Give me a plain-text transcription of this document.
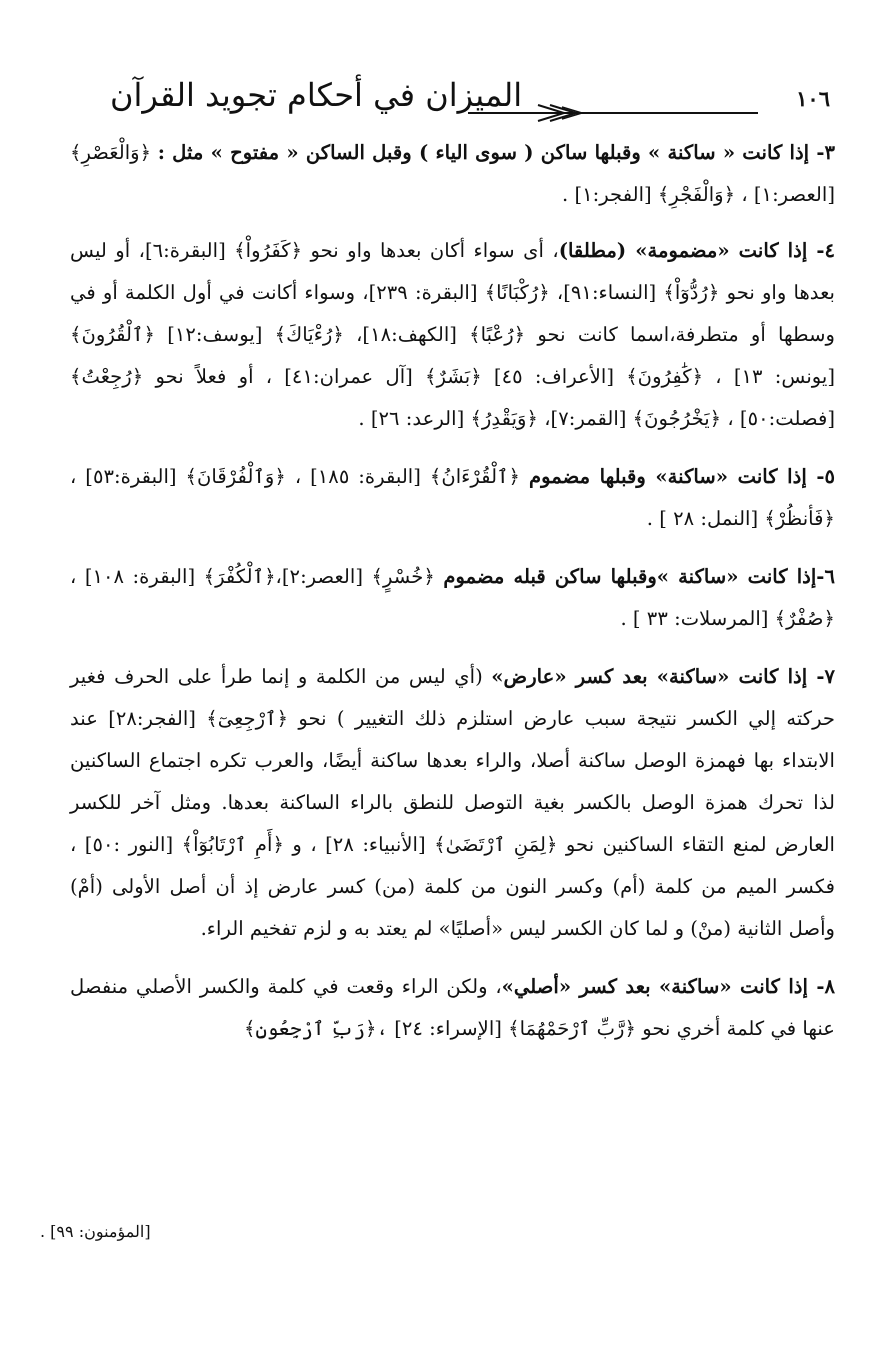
١٠٦
الميزان في أحكام تجويد القرآن

٣- إذا كانت « ساكنة » وقبلها ساكن ( سوى الياء ) وقبل الساكن « مفتوح » مثل : ﴿وَالْعَصْرِ﴾ [العصر:١] ، ﴿وَالْفَجْرِ﴾ [الفجر:١] .

٤- إذا كانت «مضمومة» (مطلقا)، أى سواء أكان بعدها واو نحو ﴿كَفَرُواْ﴾ [البقرة:٦]، أو ليس بعدها واو نحو ﴿رُدُّوٓاْ﴾ [النساء:٩١]، ﴿رُكْبَانًا﴾ [البقرة: ٢٣٩]، وسواء أكانت في أول الكلمة أو في وسطها أو متطرفة،اسما كانت نحو ﴿رُعْبًا﴾ [الكهف:١٨]، ﴿رُءْيَاكَ﴾ [يوسف:١٢] ﴿ٱلْقُرُونَ﴾ [يونس: ١٣] ، ﴿كَٰفِرُونَ﴾ [الأعراف: ٤٥] ﴿بَشَرٌ﴾ [آل عمران:٤١] ، أو فعلاً نحو ﴿رُجِعْتُ﴾ [فصلت:٥٠] ، ﴿يَخْرُجُونَ﴾ [القمر:٧]، ﴿وَيَقْدِرُ﴾ [الرعد: ٢٦] .

٥- إذا كانت «ساكنة» وقبلها مضموم ﴿ٱلْقُرْءَانُ﴾ [البقرة: ١٨٥] ، ﴿وَٱلْفُرْقَانَ﴾ [البقرة:٥٣] ، ﴿فَأنظُرْ﴾ [النمل: ٢٨ ] .

٦-إذا كانت «ساكنة »وقبلها ساكن قبله مضموم ﴿خُسْرٍ﴾ [العصر:٢]،﴿ٱلْكُفْرَ﴾ [البقرة: ١٠٨] ، ﴿صُفْرٌ﴾ [المرسلات: ٣٣ ] .

٧- إذا كانت «ساكنة» بعد كسر «عارض» (أي ليس من الكلمة و إنما طرأ على الحرف فغير حركته إلي الكسر نتيجة سبب عارض استلزم ذلك التغيير ) نحو ﴿ٱرْجِعِىٓ﴾ [الفجر:٢٨] عند الابتداء بها فهمزة الوصل ساكنة أصلا، والراء بعدها ساكنة أيضًا، والعرب تكره اجتماع الساكنين لذا تحرك همزة الوصل بالكسر بغية التوصل للنطق بالراء الساكنة بعدها. ومثل آخر للكسر العارض لمنع التقاء الساكنين نحو ﴿لِمَنِ ٱرْتَضَىٰ﴾ [الأنبياء: ٢٨] ، و ﴿أَمِ ٱرْتَابُوٓاْ﴾ [النور :٥٠] ، فكسر الميم من كلمة (أم) وكسر النون من كلمة (من) كسر عارض إذ أن أصل الأولى (أمْ) وأصل الثانية (منْ) و لما كان الكسر ليس «أصليًا» لم يعتد به و لزم تفخيم الراء.

٨- إذا كانت «ساكنة» بعد كسر «أصلي»، ولكن الراء وقعت في كلمة والكسر الأصلي منفصل عنها في كلمة أخري نحو ﴿رَّبِّ ٱرْحَمْهُمَا﴾ [الإسراء: ٢٤] ،﴿رَبِّ ٱرْجِعُونِ﴾

[المؤمنون: ٩٩] .
